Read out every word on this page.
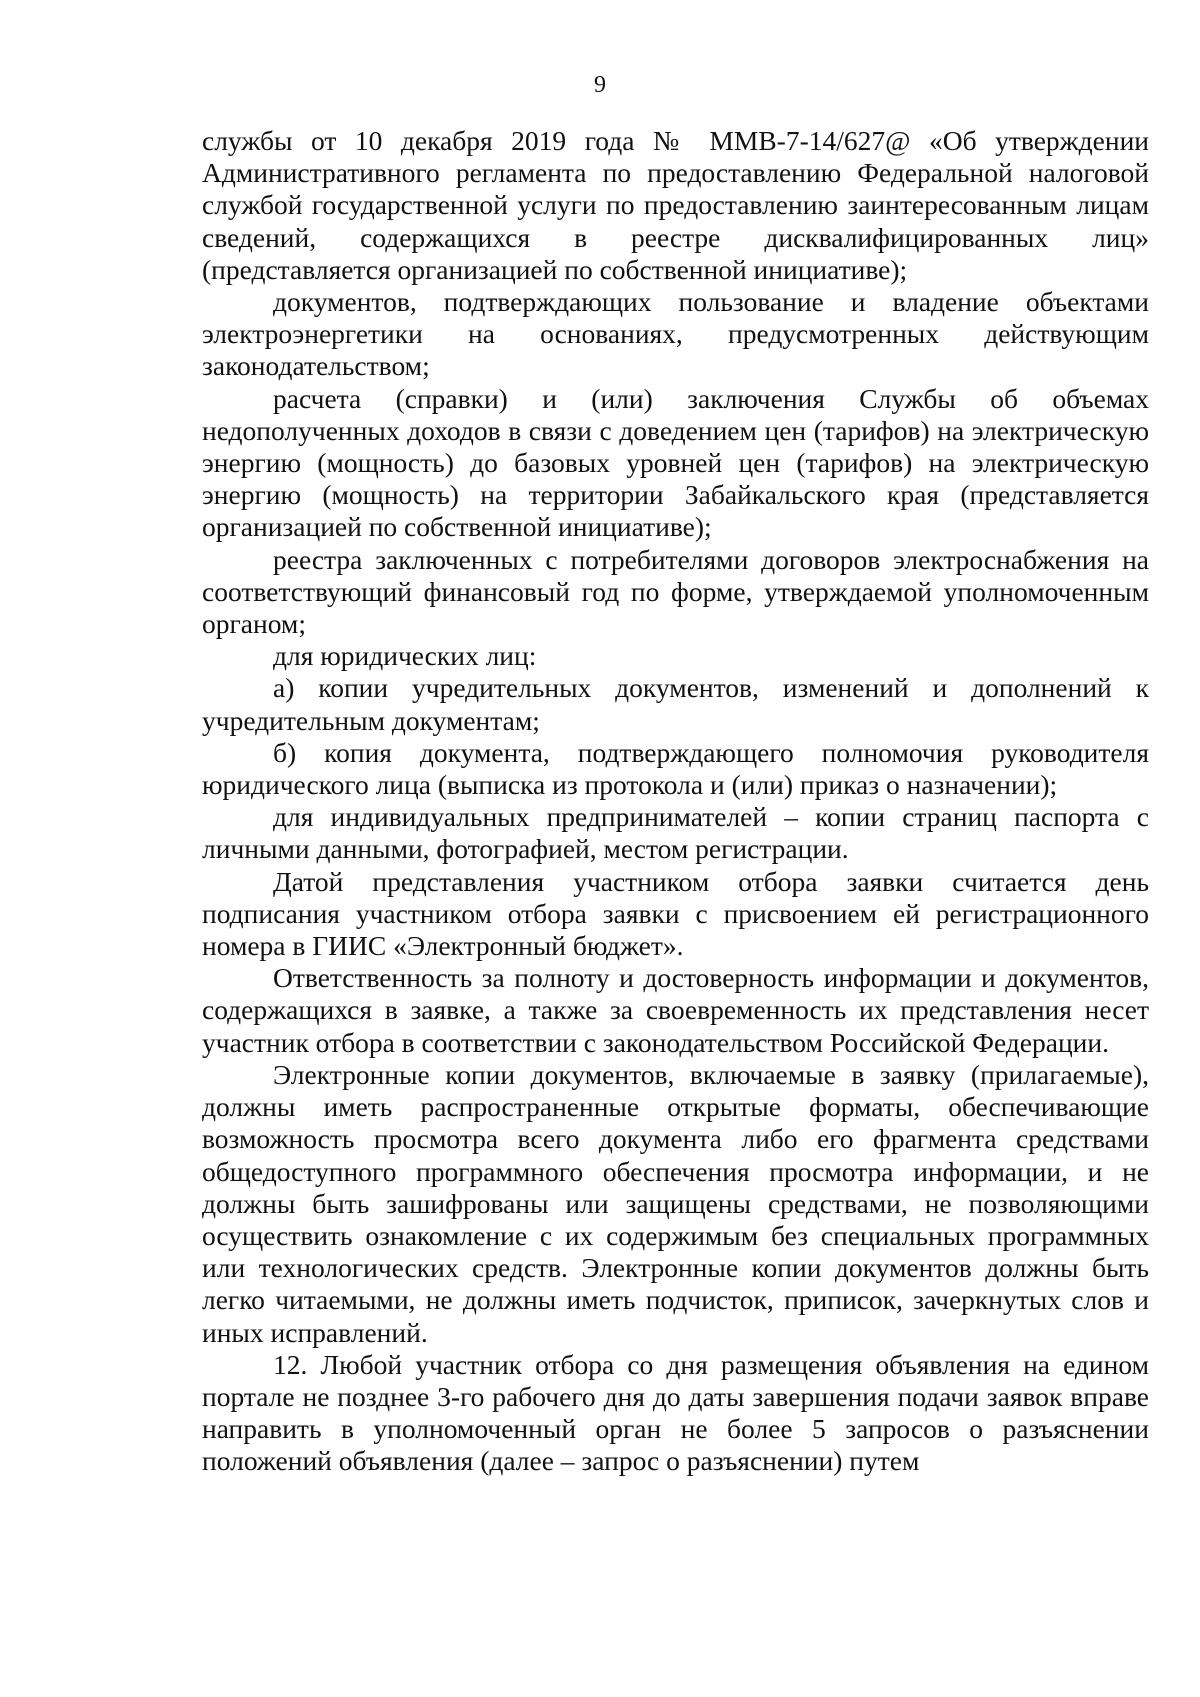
9

службы от 10 декабря 2019 года № ММВ-7-14/627@ «Об утверждении Административного регламента по предоставлению Федеральной налоговой службой государственной услуги по предоставлению заинтересованным лицам сведений, содержащихся в реестре дисквалифицированных лиц» (представляется организацией по собственной инициативе);

документов, подтверждающих пользование и владение объектами электроэнергетики на основаниях, предусмотренных действующим законодательством;

расчета (справки) и (или) заключения Службы об объемах недополученных доходов в связи с доведением цен (тарифов) на электрическую энергию (мощность) до базовых уровней цен (тарифов) на электрическую энергию (мощность) на территории Забайкальского края (представляется организацией по собственной инициативе);

реестра заключенных с потребителями договоров электроснабжения на соответствующий финансовый год по форме, утверждаемой уполномоченным органом;

для юридических лиц:

а) копии учредительных документов, изменений и дополнений к учредительным документам;

б) копия документа, подтверждающего полномочия руководителя юридического лица (выписка из протокола и (или) приказ о назначении);

для индивидуальных предпринимателей – копии страниц паспорта с личными данными, фотографией, местом регистрации.

Датой представления участником отбора заявки считается день подписания участником отбора заявки с присвоением ей регистрационного номера в ГИИС «Электронный бюджет».

Ответственность за полноту и достоверность информации и документов, содержащихся в заявке, а также за своевременность их представления несет участник отбора в соответствии с законодательством Российской Федерации.

Электронные копии документов, включаемые в заявку (прилагаемые), должны иметь распространенные открытые форматы, обеспечивающие возможность просмотра всего документа либо его фрагмента средствами общедоступного программного обеспечения просмотра информации, и не должны быть зашифрованы или защищены средствами, не позволяющими осуществить ознакомление с их содержимым без специальных программных или технологических средств. Электронные копии документов должны быть легко читаемыми, не должны иметь подчисток, приписок, зачеркнутых слов и иных исправлений.

12. Любой участник отбора со дня размещения объявления на едином портале не позднее 3-го рабочего дня до даты завершения подачи заявок вправе направить в уполномоченный орган не более 5 запросов о разъяснении положений объявления (далее – запрос о разъяснении) путем
